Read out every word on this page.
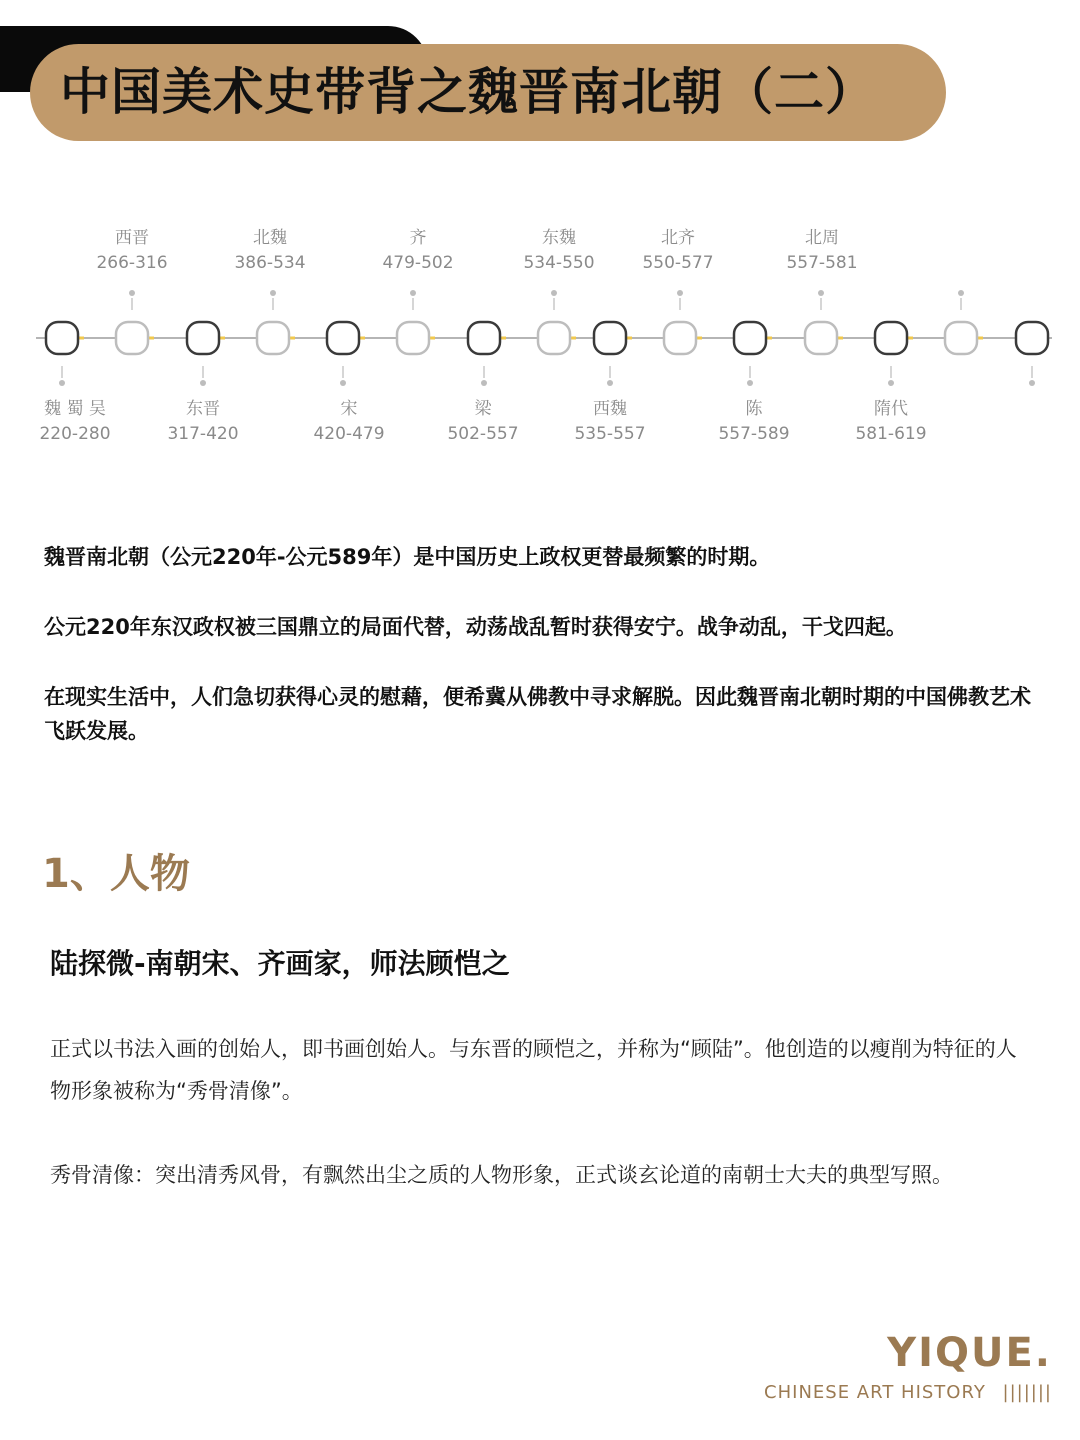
中国美术史带背之魏晋南北朝（二）
西晋
266-316
北魏
386-534
齐
479-502
东魏
534-550
北齐
550-577
北周
557-581
魏 蜀 吴
220-280
东晋
317-420
宋
420-479
梁
502-557
西魏
535-557
陈
557-589
隋代
581-619

魏晋南北朝（公元220年-公元589年）是中国历史上政权更替最频繁的时期。

公元220年东汉政权被三国鼎立的局面代替，动荡战乱暂时获得安宁。战争动乱，干戈四起。

在现实生活中，人们急切获得心灵的慰藉，便希冀从佛教中寻求解脱。因此魏晋南北朝时期的中国佛教艺术飞跃发展。

1、人物
陆探微-南朝宋、齐画家，师法顾恺之
正式以书法入画的创始人，即书画创始人。与东晋的顾恺之，并称为“顾陆”。他创造的以瘦削为特征的人物形象被称为“秀骨清像”。
秀骨清像：突出清秀风骨，有飘然出尘之质的人物形象，正式谈玄论道的南朝士大夫的典型写照。
YIQUE.
CHINESE ART HISTORY |||||||
